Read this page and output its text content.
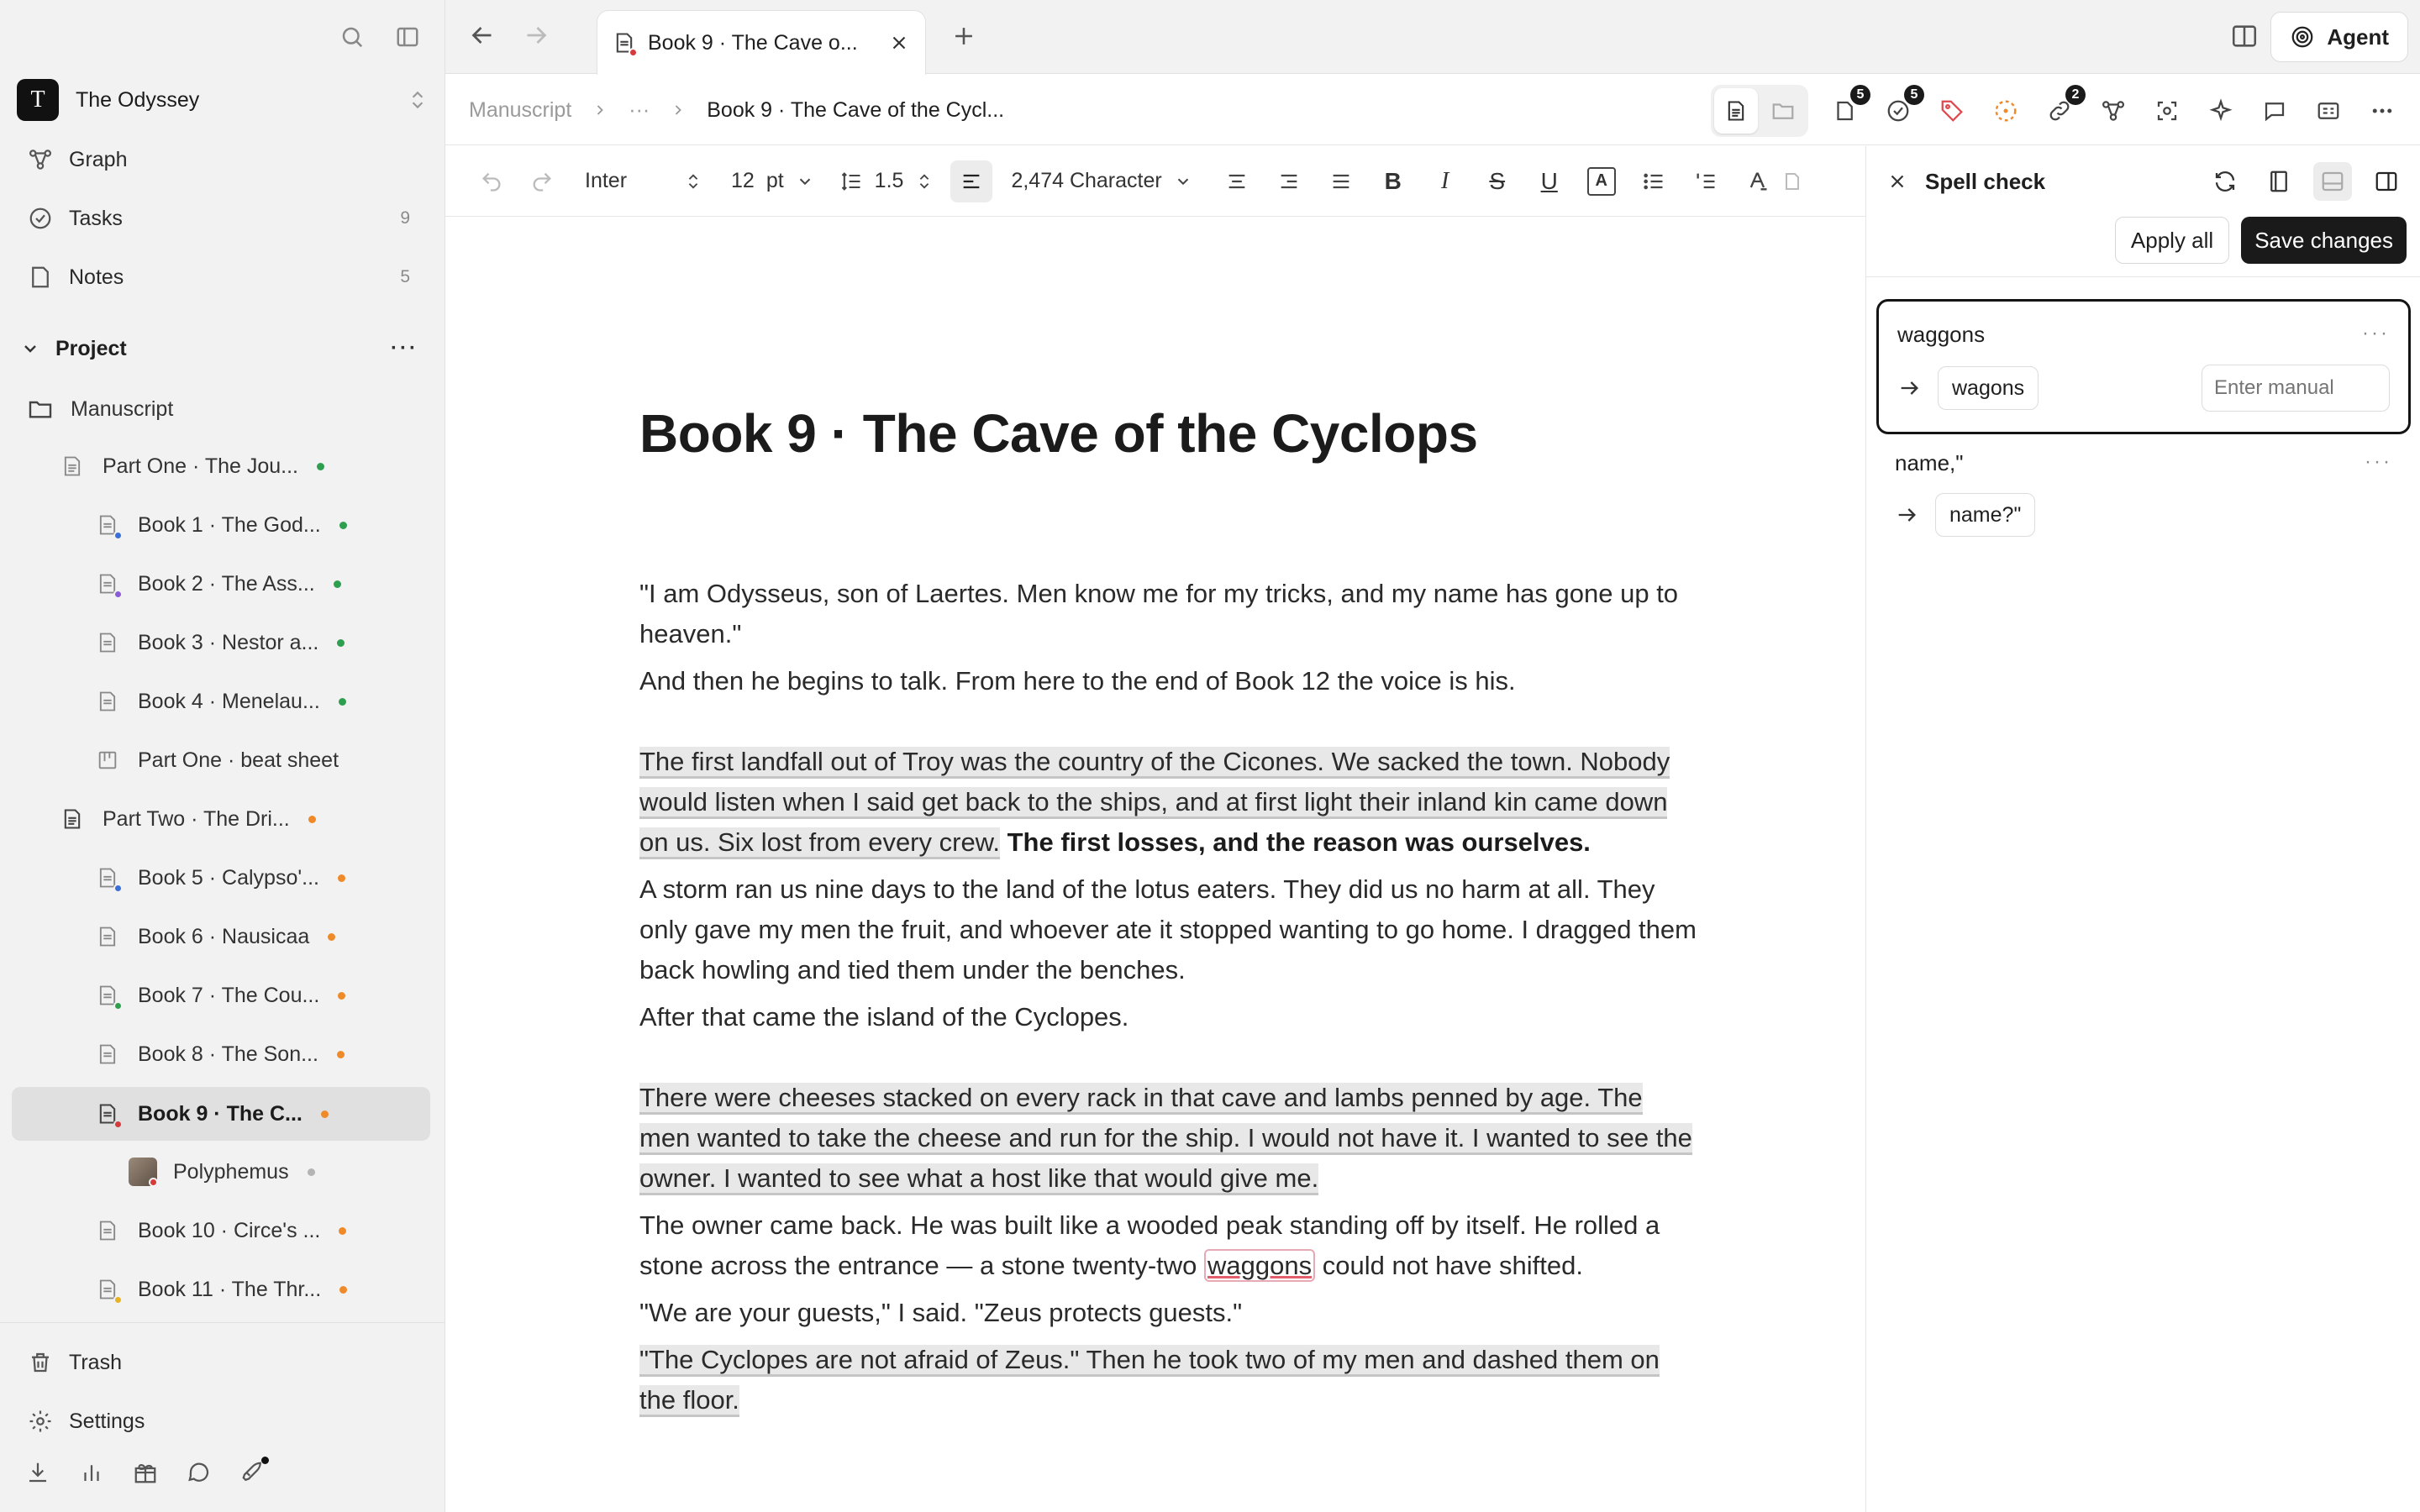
T	The Odyssey
Graph
Tasks	9
Notes	5
Project	···
Manuscript
Part One · The Jou...
Book 1 · The God...
Book 2 · The Ass...
Book 3 · Nestor a...
Book 4 · Menelau...
Part One · beat sheet
Part Two · The Dri...
Book 5 · Calypso'...
Book 6 · Nausicaa
Book 7 · The Cou...
Book 8 · The Son...
Book 9 · The C...
Polyphemus
Book 10 · Circe's ...
Book 11 · The Thr...
Trash
Settings
Book 9 · The Cave o...	Agent
Manuscript	···	Book 9 · The Cave of the Cycl...
5	5	2
Inter	12 pt	1.5	2,474 Character	B	I	S	U	A
Book 9 · The Cave of the Cyclops

"I am Odysseus, son of Laertes. Men know me for my tricks, and my name has gone up to heaven."

And then he begins to talk. From here to the end of Book 12 the voice is his.

The first landfall out of Troy was the country of the Cicones. We sacked the town. Nobody would listen when I said get back to the ships, and at first light their inland kin came down on us. Six lost from every crew. The first losses, and the reason was ourselves.

A storm ran us nine days to the land of the lotus eaters. They did us no harm at all. They only gave my men the fruit, and whoever ate it stopped wanting to go home. I dragged them back howling and tied them under the benches.

After that came the island of the Cyclopes.

There were cheeses stacked on every rack in that cave and lambs penned by age. The men wanted to take the cheese and run for the ship. I would not have it. I wanted to see the owner. I wanted to see what a host like that would give me.

The owner came back. He was built like a wooded peak standing off by itself. He rolled a stone across the entrance — a stone twenty-two waggons could not have shifted.

"We are your guests," I said. "Zeus protects guests."

"The Cyclopes are not afraid of Zeus." Then he took two of my men and dashed them on the floor.

Spell check
Apply all	Save changes
waggons	···
wagons
Enter manual
name,"	···
name?"
